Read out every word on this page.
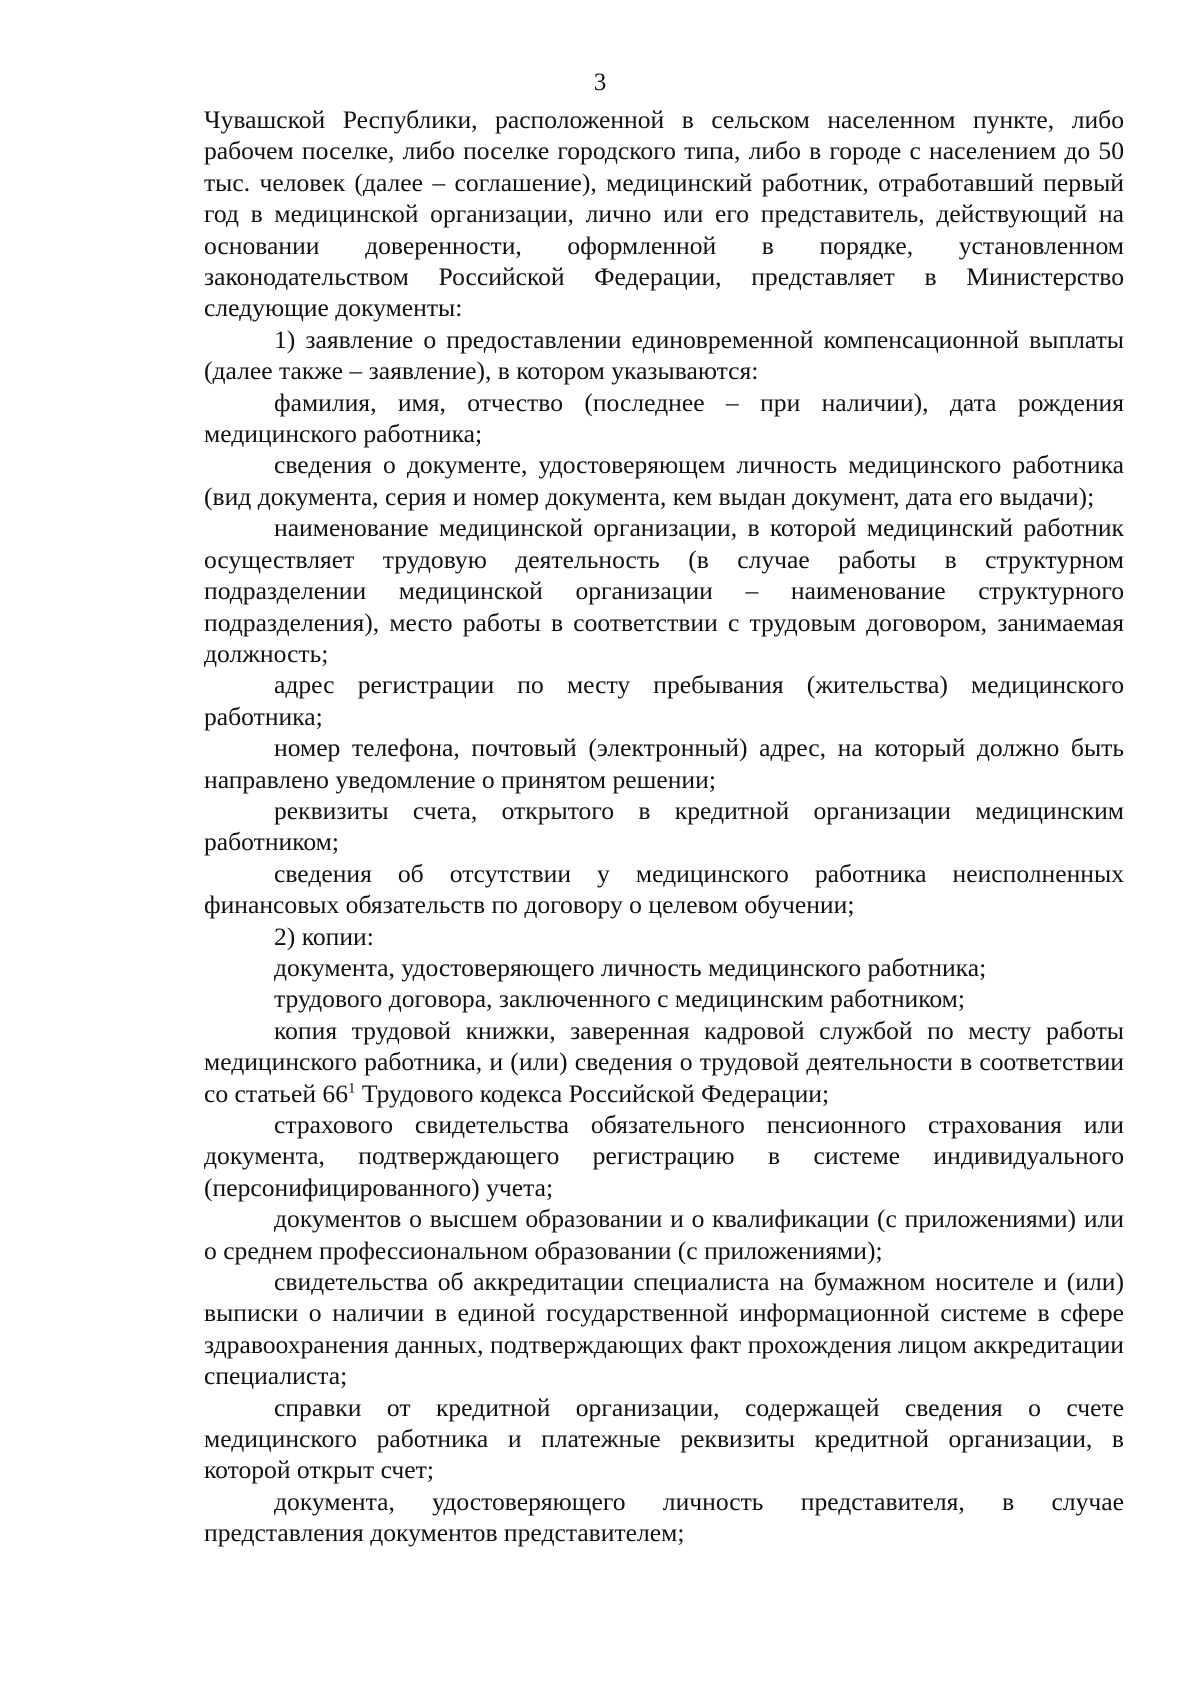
3

Чувашской Республики, расположенной в сельском населенном пункте, либо рабочем поселке, либо поселке городского типа, либо в городе с населением до 50 тыс. человек (далее – соглашение), медицинский работник, отработавший первый год в медицинской организации, лично или его представитель, действующий на основании доверенности, оформленной в порядке, установленном законодательством Российской Федерации, представляет в Министерство следующие документы:

1) заявление о предоставлении единовременной компенсационной выплаты (далее также – заявление), в котором указываются:

фамилия, имя, отчество (последнее – при наличии), дата рождения медицинского работника;

сведения о документе, удостоверяющем личность медицинского работника (вид документа, серия и номер документа, кем выдан документ, дата его выдачи);

наименование медицинской организации, в которой медицинский работник осуществляет трудовую деятельность (в случае работы в структурном подразделении медицинской организации – наименование структурного подразделения), место работы в соответствии с трудовым договором, занимаемая должность;

адрес регистрации по месту пребывания (жительства) медицинского работника;

номер телефона, почтовый (электронный) адрес, на который должно быть направлено уведомление о принятом решении;

реквизиты счета, открытого в кредитной организации медицинским работником;

сведения об отсутствии у медицинского работника неисполненных финансовых обязательств по договору о целевом обучении;

2) копии:

документа, удостоверяющего личность медицинского работника;

трудового договора, заключенного с медицинским работником;

копия трудовой книжки, заверенная кадровой службой по месту работы медицинского работника, и (или) сведения о трудовой деятельности в соответствии со статьей $66^1$ Трудового кодекса Российской Федерации;

страхового свидетельства обязательного пенсионного страхования или документа, подтверждающего регистрацию в системе индивидуального (персонифицированного) учета;

документов о высшем образовании и о квалификации (с приложениями) или о среднем профессиональном образовании (с приложениями);

свидетельства об аккредитации специалиста на бумажном носителе и (или) выписки о наличии в единой государственной информационной системе в сфере здравоохранения данных, подтверждающих факт прохождения лицом аккредитации специалиста;

справки от кредитной организации, содержащей сведения о счете медицинского работника и платежные реквизиты кредитной организации, в которой открыт счет;

документа, удостоверяющего личность представителя, в случае представления документов представителем;
